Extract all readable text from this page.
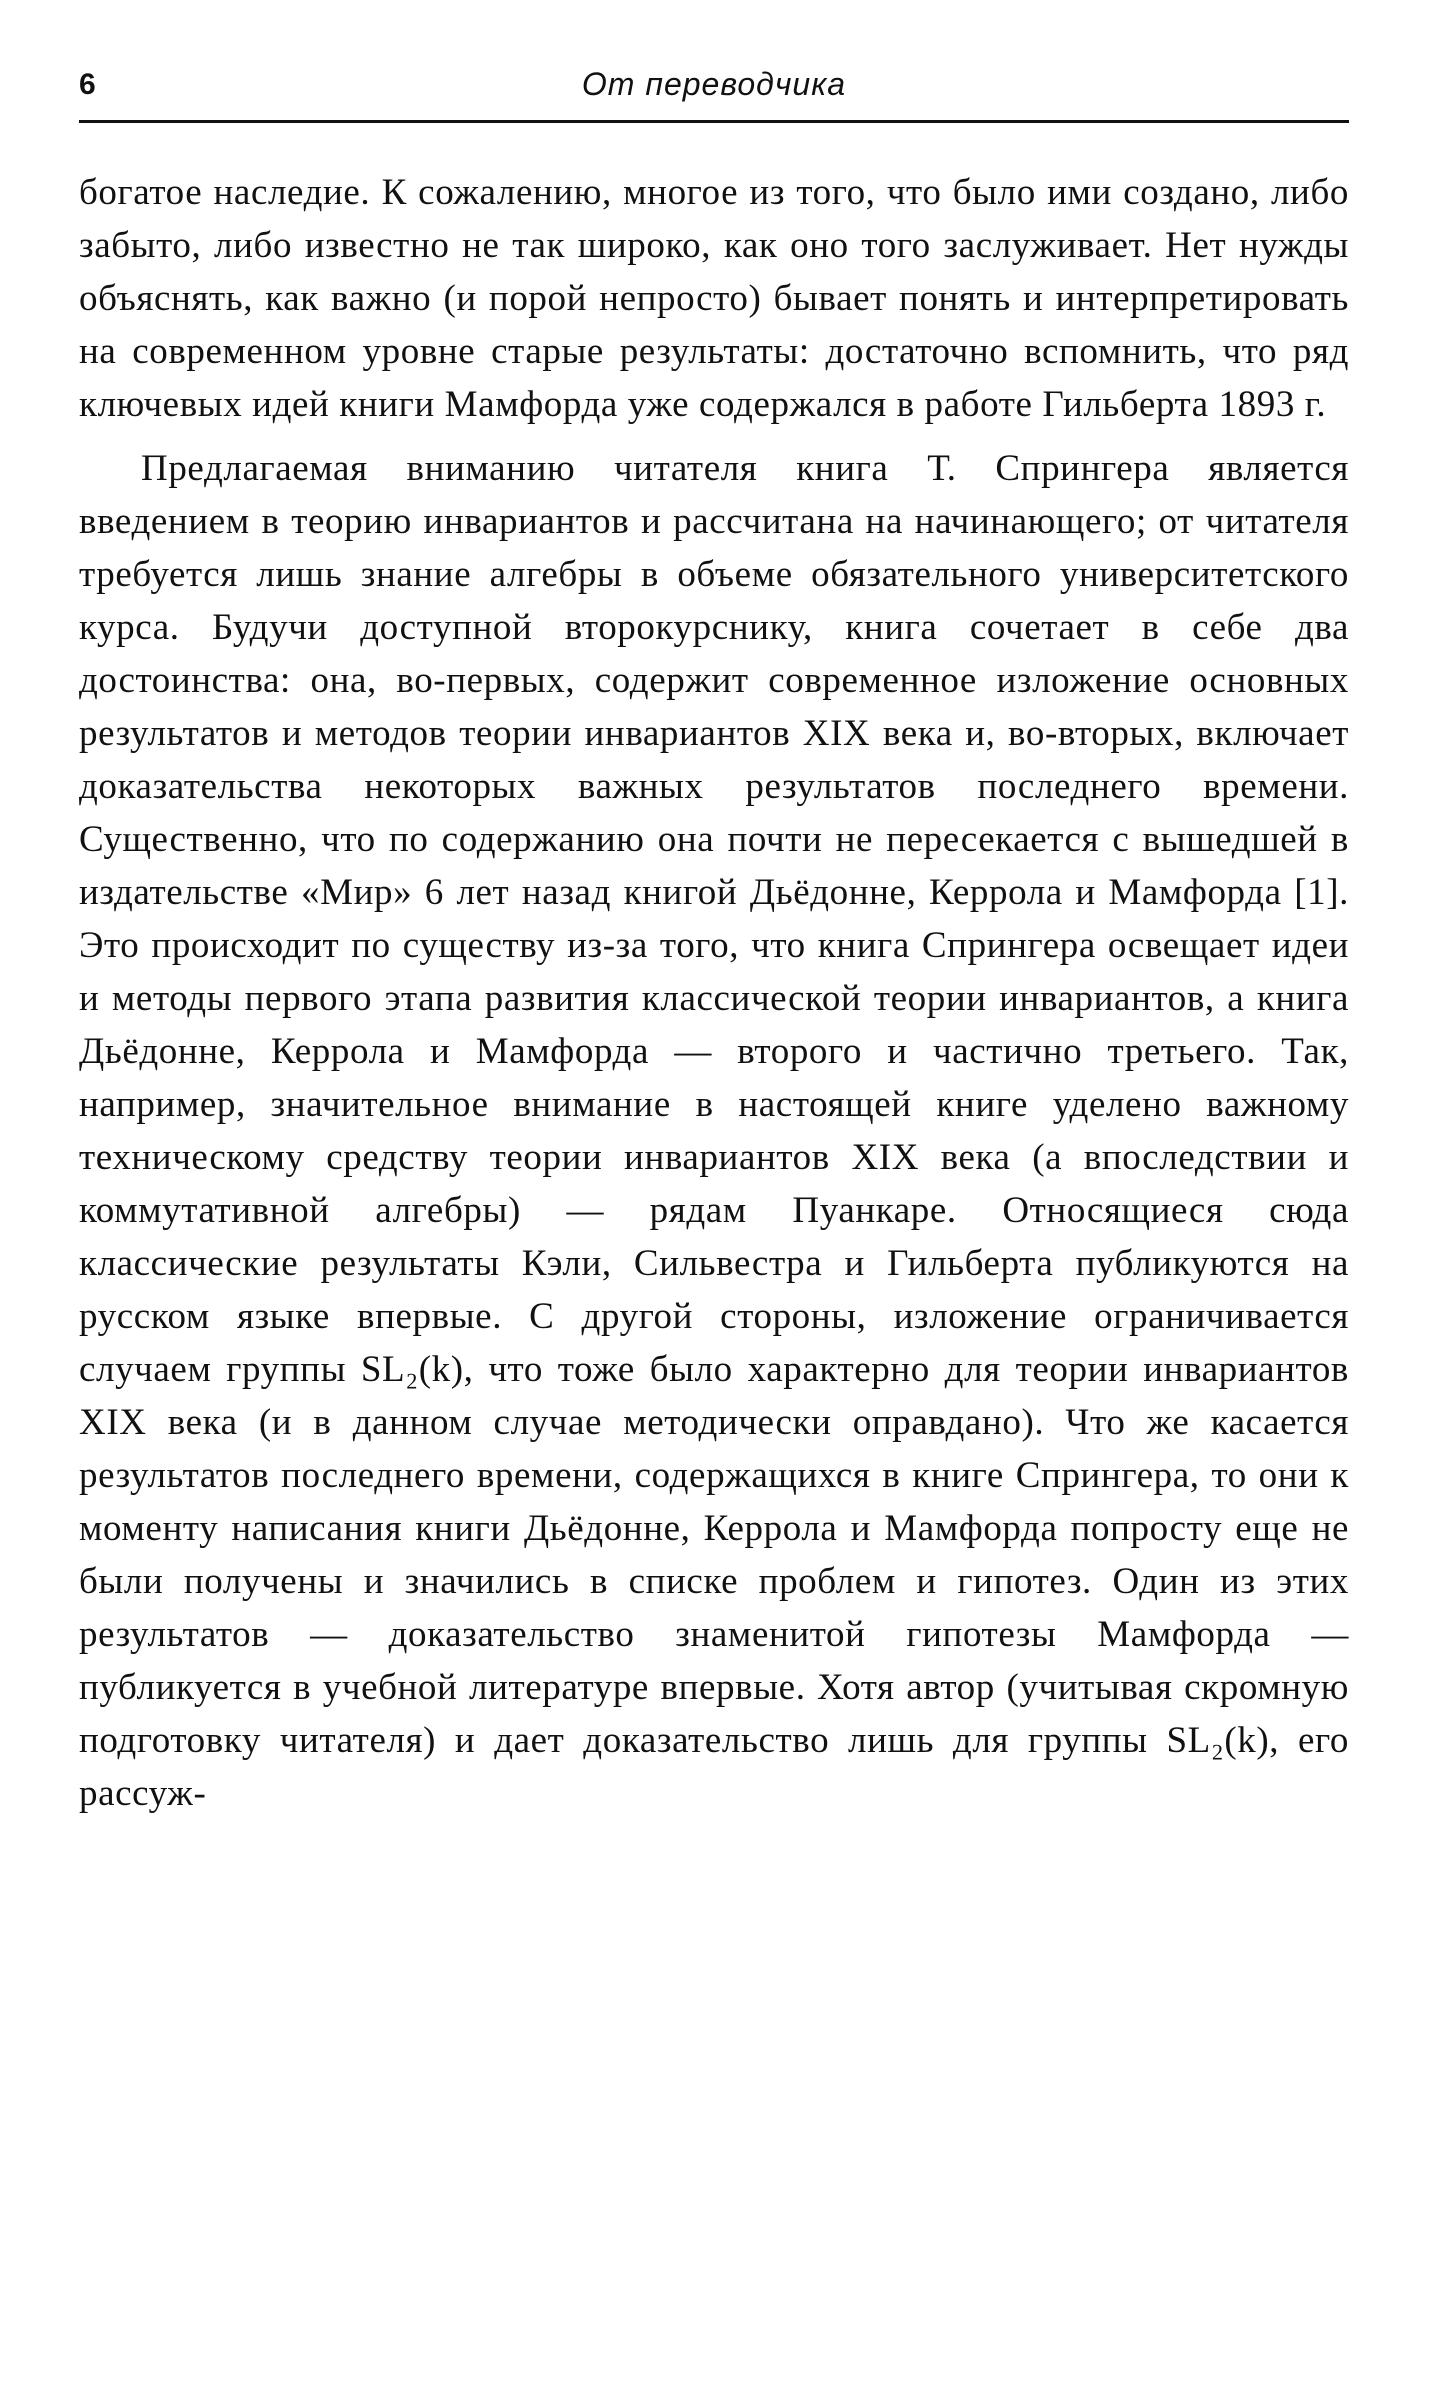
6	От переводчика

богатое наследие. К сожалению, многое из того, что было ими создано, либо забыто, либо известно не так широко, как оно того заслуживает. Нет нужды объяснять, как важно (и порой непросто) бывает понять и интерпретировать на современном уровне старые результаты: достаточно вспомнить, что ряд ключевых идей книги Мамфорда уже содержался в работе Гильберта 1893 г.

Предлагаемая вниманию читателя книга Т. Спрингера является введением в теорию инвариантов и рассчитана на начинающего; от читателя требуется лишь знание алгебры в объеме обязательного университетского курса. Будучи доступной второкурснику, книга сочетает в себе два достоинства: она, во-первых, содержит современное изложение основных результатов и методов теории инвариантов XIX века и, во-вторых, включает доказательства некоторых важных результатов последнего времени. Существенно, что по содержанию она почти не пересекается с вышедшей в издательстве «Мир» 6 лет назад книгой Дьёдонне, Керрола и Мамфорда [1]. Это происходит по существу из-за того, что книга Спрингера освещает идеи и методы первого этапа развития классической теории инвариантов, а книга Дьёдонне, Керрола и Мамфорда — второго и частично третьего. Так, например, значительное внимание в настоящей книге уделено важному техническому средству теории инвариантов XIX века (а впоследствии и коммутативной алгебры) — рядам Пуанкаре. Относящиеся сюда классические результаты Кэли, Сильвестра и Гильберта публикуются на русском языке впервые. С другой стороны, изложение ограничивается случаем группы SL₂(k), что тоже было характерно для теории инвариантов XIX века (и в данном случае методически оправдано). Что же касается результатов последнего времени, содержащихся в книге Спрингера, то они к моменту написания книги Дьёдонне, Керрола и Мамфорда попросту еще не были получены и значились в списке проблем и гипотез. Один из этих результатов — доказательство знаменитой гипотезы Мамфорда — публикуется в учебной литературе впервые. Хотя автор (учитывая скромную подготовку читателя) и дает доказательство лишь для группы SL₂(k), его рассуж-
